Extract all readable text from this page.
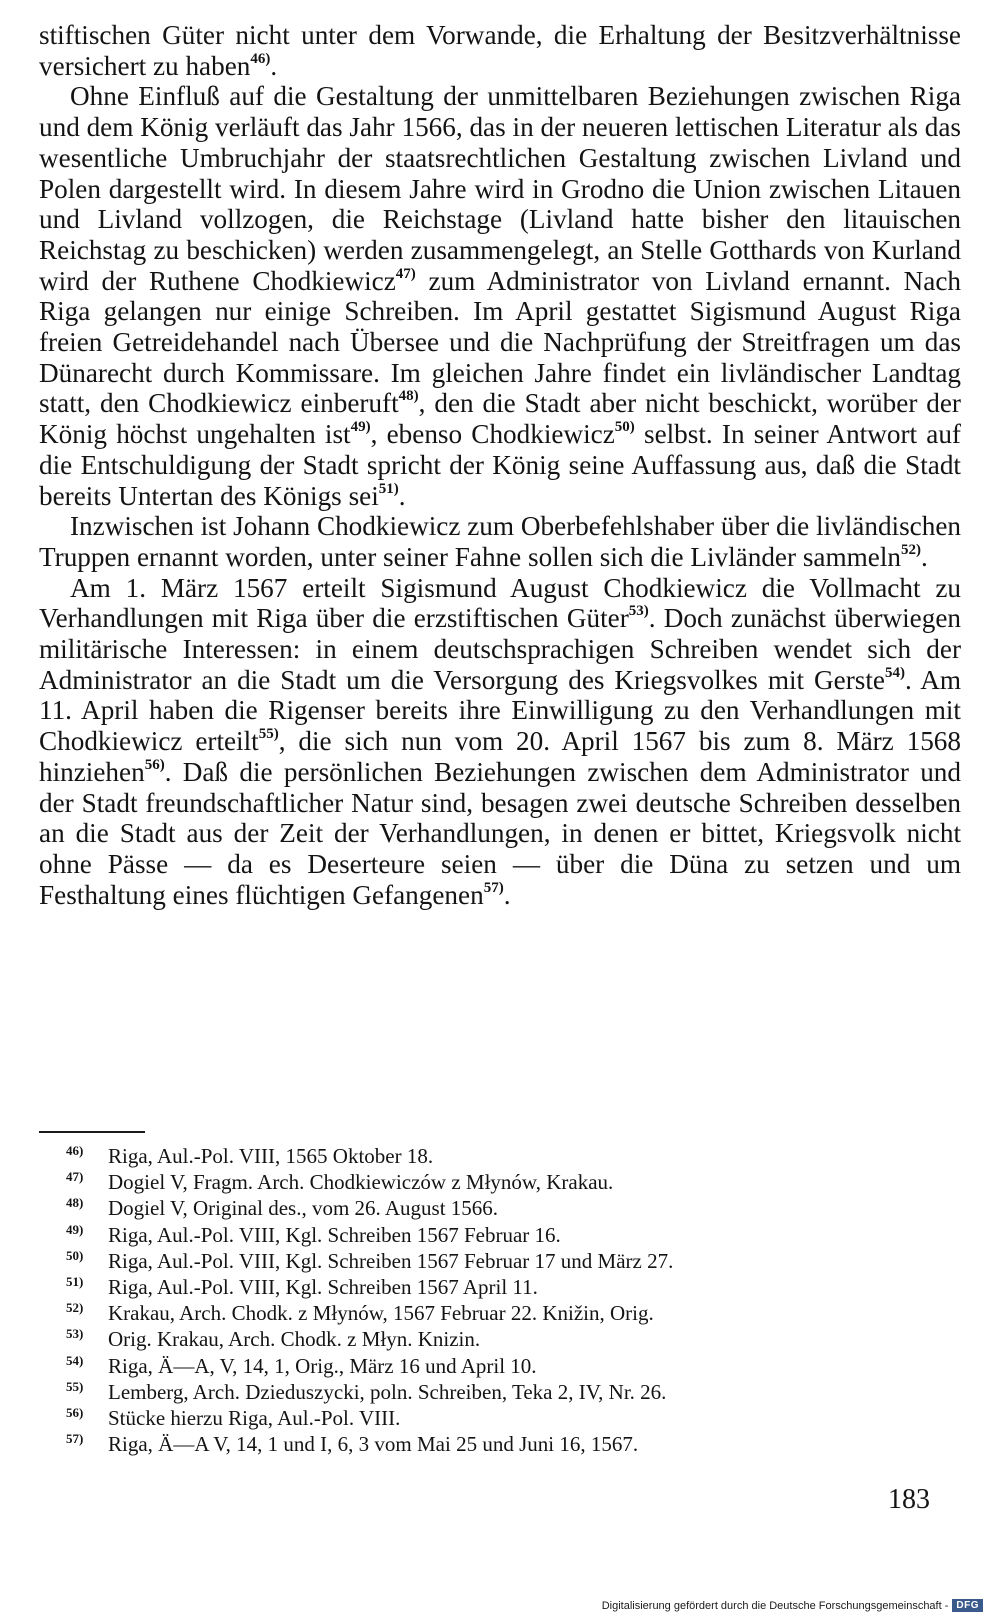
stiftischen Güter nicht unter dem Vorwande, die Erhaltung der Besitzverhältnisse versichert zu haben$^{46)}$.

Ohne Einfluß auf die Gestaltung der unmittelbaren Beziehungen zwischen Riga und dem König verläuft das Jahr 1566, das in der neueren lettischen Literatur als das wesentliche Umbruchjahr der staatsrechtlichen Gestaltung zwischen Livland und Polen dargestellt wird. In diesem Jahre wird in Grodno die Union zwischen Litauen und Livland vollzogen, die Reichstage (Livland hatte bisher den litauischen Reichstag zu beschicken) werden zusammengelegt, an Stelle Gotthards von Kurland wird der Ruthene Chodkiewicz$^{47)}$ zum Administrator von Livland ernannt. Nach Riga gelangen nur einige Schreiben. Im April gestattet Sigismund August Riga freien Getreidehandel nach Übersee und die Nachprüfung der Streitfragen um das Dünarecht durch Kommissare. Im gleichen Jahre findet ein livländischer Landtag statt, den Chodkiewicz einberuft$^{48)}$, den die Stadt aber nicht beschickt, worüber der König höchst ungehalten ist$^{49)}$, ebenso Chodkiewicz$^{50)}$ selbst. In seiner Antwort auf die Entschuldigung der Stadt spricht der König seine Auffassung aus, daß die Stadt bereits Untertan des Königs sei$^{51)}$.

Inzwischen ist Johann Chodkiewicz zum Oberbefehlshaber über die livländischen Truppen ernannt worden, unter seiner Fahne sollen sich die Livländer sammeln$^{52)}$.

Am 1. März 1567 erteilt Sigismund August Chodkiewicz die Vollmacht zu Verhandlungen mit Riga über die erzstiftischen Güter$^{53)}$. Doch zunächst überwiegen militärische Interessen: in einem deutschsprachigen Schreiben wendet sich der Administrator an die Stadt um die Versorgung des Kriegsvolkes mit Gerste$^{54)}$. Am 11. April haben die Rigenser bereits ihre Einwilligung zu den Verhandlungen mit Chodkiewicz erteilt$^{55)}$, die sich nun vom 20. April 1567 bis zum 8. März 1568 hinziehen$^{56)}$. Daß die persönlichen Beziehungen zwischen dem Administrator und der Stadt freundschaftlicher Natur sind, besagen zwei deutsche Schreiben desselben an die Stadt aus der Zeit der Verhandlungen, in denen er bittet, Kriegsvolk nicht ohne Pässe — da es Deserteure seien — über die Düna zu setzen und um Festhaltung eines flüchtigen Gefangenen$^{57)}$.

46) Riga, Aul.-Pol. VIII, 1565 Oktober 18.
47) Dogiel V, Fragm. Arch. Chodkiewiczów z Młynów, Krakau.
48) Dogiel V, Original des., vom 26. August 1566.
49) Riga, Aul.-Pol. VIII, Kgl. Schreiben 1567 Februar 16.
50) Riga, Aul.-Pol. VIII, Kgl. Schreiben 1567 Februar 17 und März 27.
51) Riga, Aul.-Pol. VIII, Kgl. Schreiben 1567 April 11.
52) Krakau, Arch. Chodk. z Młynów, 1567 Februar 22. Knižin, Orig.
53) Orig. Krakau, Arch. Chodk. z Młyn. Knizin.
54) Riga, Ä—A, V, 14, 1, Orig., März 16 und April 10.
55) Lemberg, Arch. Dzieduszycki, poln. Schreiben, Teka 2, IV, Nr. 26.
56) Stücke hierzu Riga, Aul.-Pol. VIII.
57) Riga, Ä—A V, 14, 1 und I, 6, 3 vom Mai 25 und Juni 16, 1567.
183
Digitalisierung gefördert durch die Deutsche Forschungsgemeinschaft - DFG
